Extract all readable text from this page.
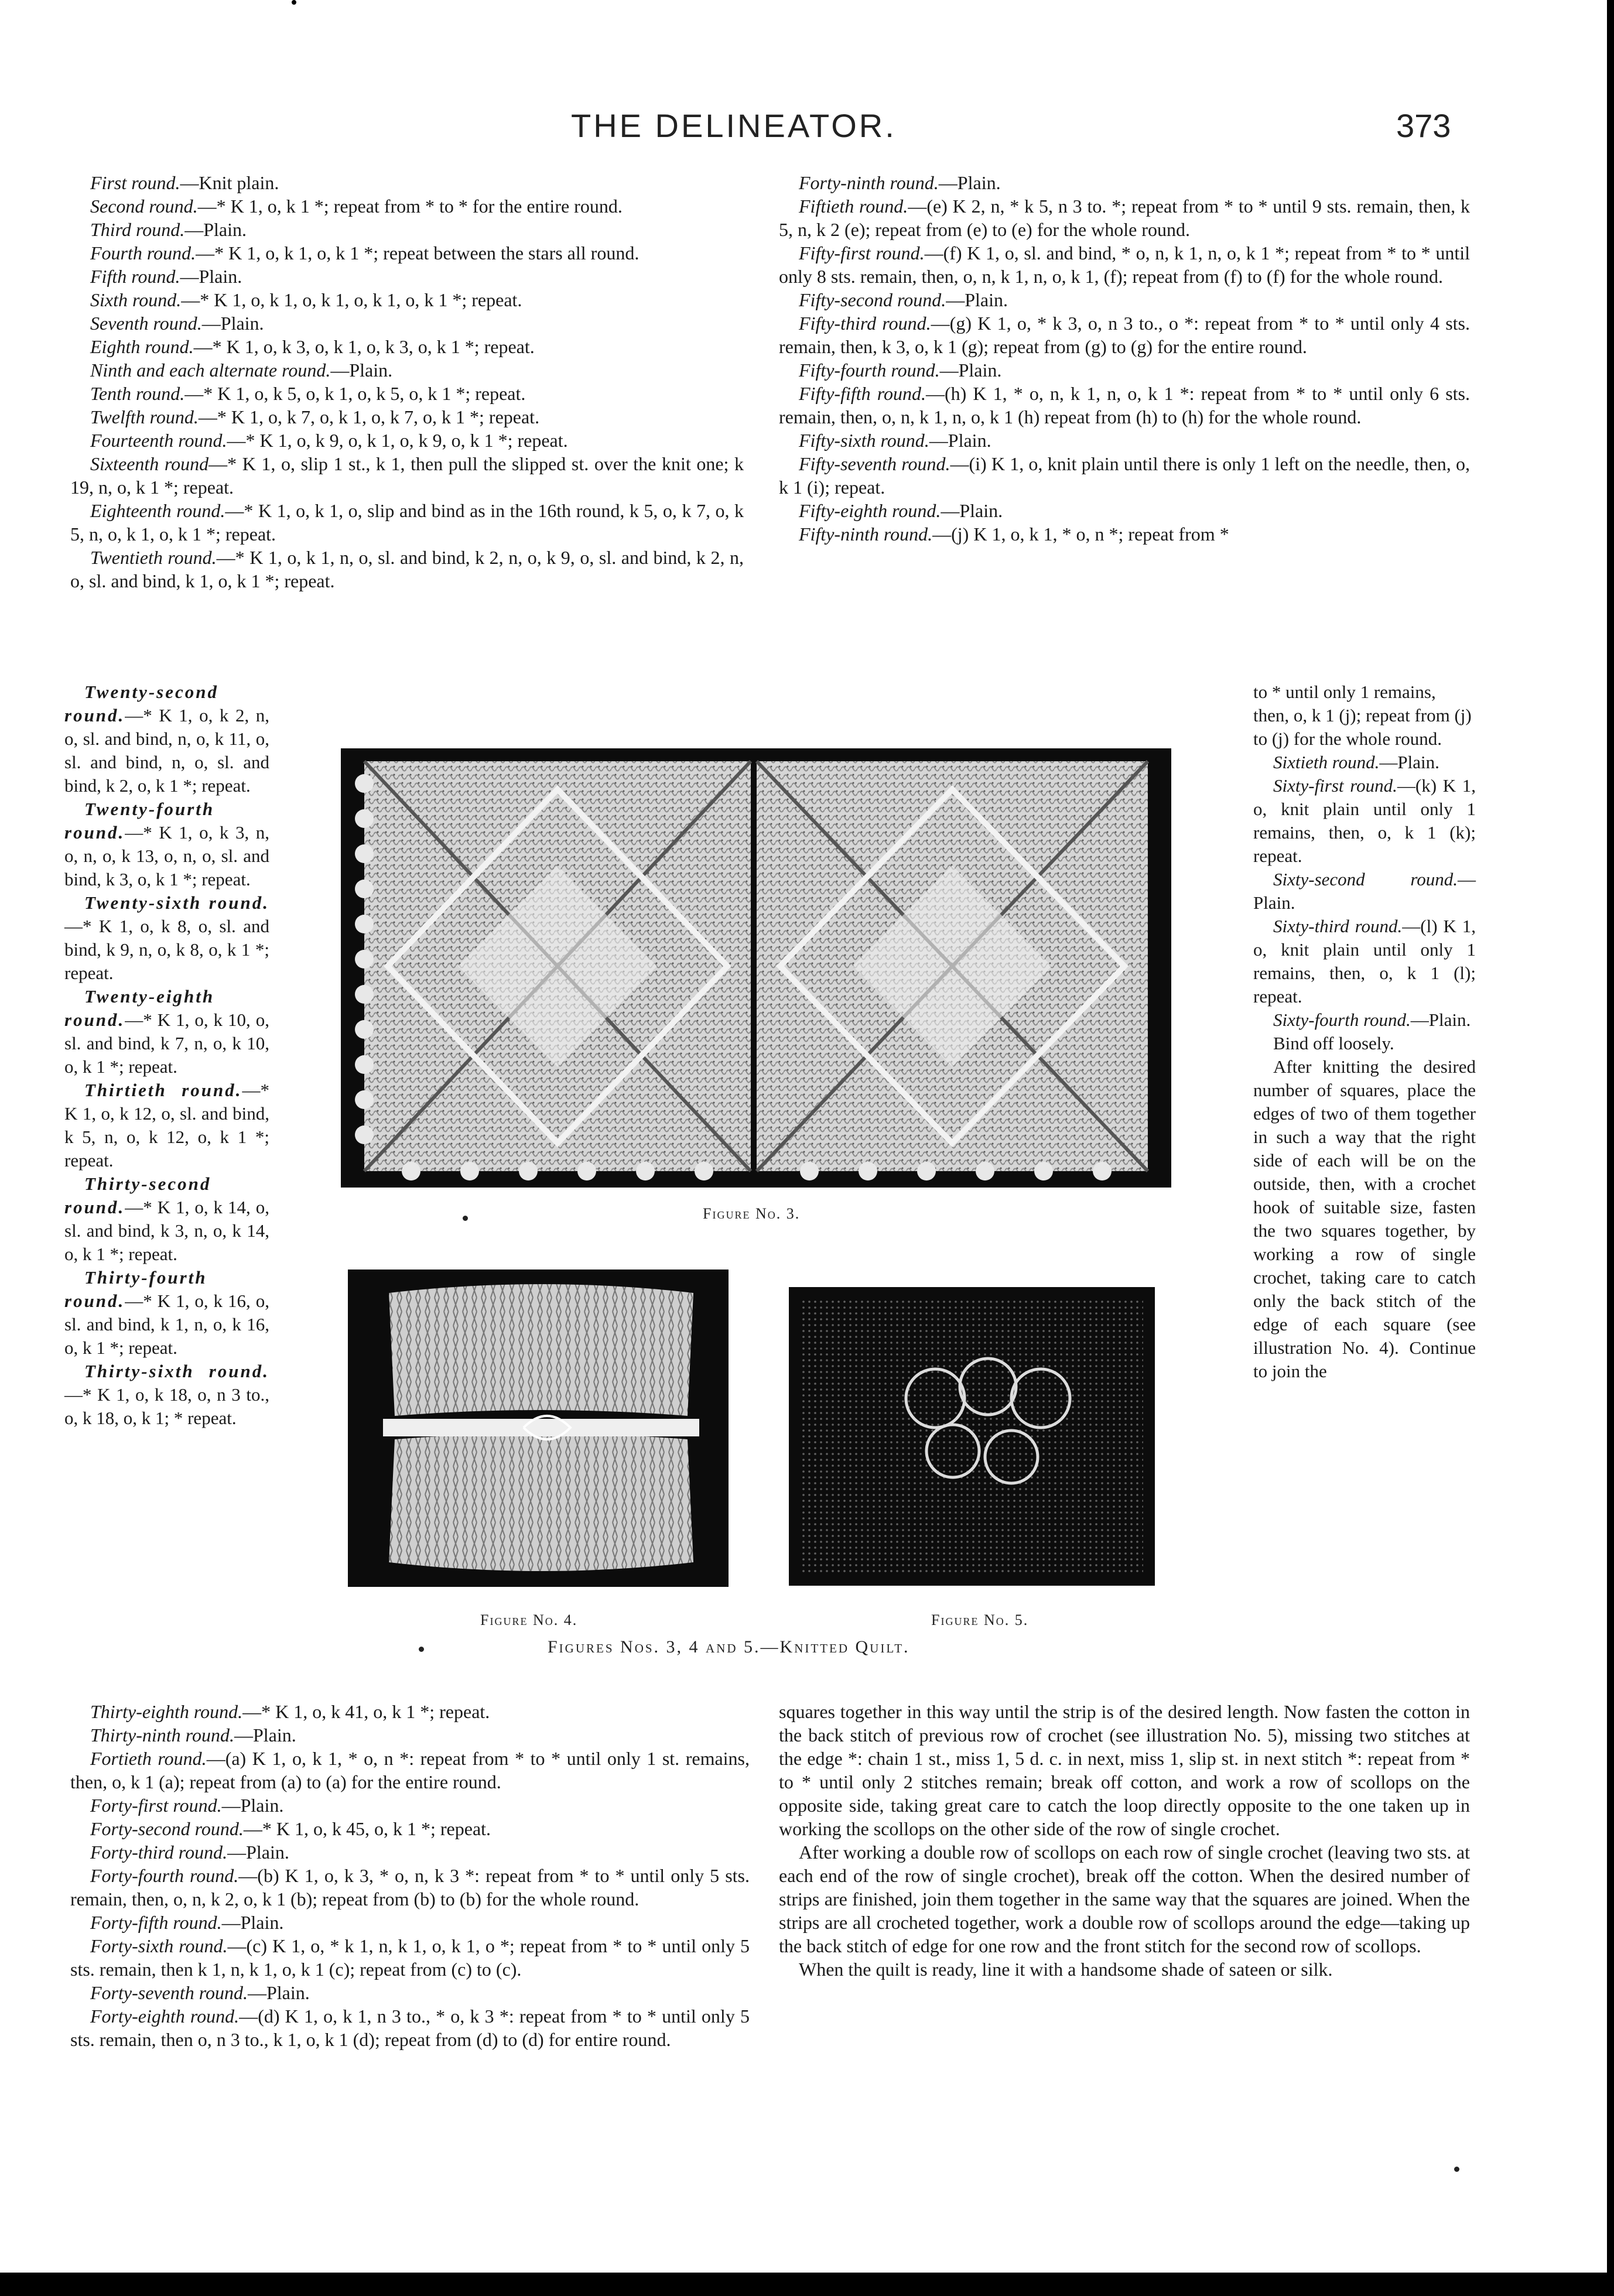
THE DELINEATOR.	373

First round.—Knit plain.

Second round.—* K 1, o, k 1 *; repeat from * to * for the entire round.

Third round.—Plain.

Fourth round.—* K 1, o, k 1, o, k 1 *; repeat between the stars all round.

Fifth round.—Plain.

Sixth round.—* K 1, o, k 1, o, k 1, o, k 1, o, k 1 *; repeat.

Seventh round.—Plain.

Eighth round.—* K 1, o, k 3, o, k 1, o, k 3, o, k 1 *; repeat.

Ninth and each alternate round.—Plain.

Tenth round.—* K 1, o, k 5, o, k 1, o, k 5, o, k 1 *; repeat.

Twelfth round.—* K 1, o, k 7, o, k 1, o, k 7, o, k 1 *; repeat.

Fourteenth round.—* K 1, o, k 9, o, k 1, o, k 9, o, k 1 *; repeat.

Sixteenth round—* K 1, o, slip 1 st., k 1, then pull the slipped st. over the knit one; k 19, n, o, k 1 *; repeat.

Eighteenth round.—* K 1, o, k 1, o, slip and bind as in the 16th round, k 5, o, k 7, o, k 5, n, o, k 1, o, k 1 *; repeat.

Twentieth round.—* K 1, o, k 1, n, o, sl. and bind, k 2, n, o, k 9, o, sl. and bind, k 2, n, o, sl. and bind, k 1, o, k 1 *; repeat.

Forty-ninth round.—Plain.

Fiftieth round.—(e) K 2, n, * k 5, n 3 to. *; repeat from * to * until 9 sts. remain, then, k 5, n, k 2 (e); repeat from (e) to (e) for the whole round.

Fifty-first round.—(f) K 1, o, sl. and bind, * o, n, k 1, n, o, k 1 *; repeat from * to * until only 8 sts. remain, then, o, n, k 1, n, o, k 1, (f); repeat from (f) to (f) for the whole round.

Fifty-second round.—Plain.

Fifty-third round.—(g) K 1, o, * k 3, o, n 3 to., o *: repeat from * to * until only 4 sts. remain, then, k 3, o, k 1 (g); repeat from (g) to (g) for the entire round.

Fifty-fourth round.—Plain.

Fifty-fifth round.—(h) K 1, * o, n, k 1, n, o, k 1 *: repeat from * to * until only 6 sts. remain, then, o, n, k 1, n, o, k 1 (h) repeat from (h) to (h) for the whole round.

Fifty-sixth round.—Plain.

Fifty-seventh round.—(i) K 1, o, knit plain until there is only 1 left on the needle, then, o, k 1 (i); repeat.

Fifty-eighth round.—Plain.

Fifty-ninth round.—(j) K 1, o, k 1, * o, n *; repeat from *

Twenty-second round.—* K 1, o, k 2, n, o, sl. and bind, n, o, k 11, o, sl. and bind, n, o, sl. and bind, k 2, o, k 1 *; repeat.

Twenty-fourth round.—* K 1, o, k 3, n, o, n, o, k 13, o, n, o, sl. and bind, k 3, o, k 1 *; repeat.

Twenty-sixth round.—* K 1, o, k 8, o, sl. and bind, k 9, n, o, k 8, o, k 1 *; repeat.

Twenty-eighth round.—* K 1, o, k 10, o, sl. and bind, k 7, n, o, k 10, o, k 1 *; repeat.

Thirtieth round.—* K 1, o, k 12, o, sl. and bind, k 5, n, o, k 12, o, k 1 *; repeat.

Thirty-second round.—* K 1, o, k 14, o, sl. and bind, k 3, n, o, k 14, o, k 1 *; repeat.

Thirty-fourth round.—* K 1, o, k 16, o, sl. and bind, k 1, n, o, k 16, o, k 1 *; repeat.

Thirty-sixth round.—* K 1, o, k 18, o, n 3 to., o, k 18, o, k 1; * repeat.

to * until only 1 remains, then, o, k 1 (j); repeat from (j) to (j) for the whole round.

Sixtieth round.—Plain.

Sixty-first round.—(k) K 1, o, knit plain until only 1 remains, then, o, k 1 (k); repeat.

Sixty-second round.—Plain.

Sixty-third round.—(l) K 1, o, knit plain until only 1 remains, then, o, k 1 (l); repeat.

Sixty-fourth round.—Plain.

Bind off loosely.

After knitting the desired number of squares, place the edges of two of them together in such a way that the right side of each will be on the outside, then, with a crochet hook of suitable size, fasten the two squares together, by working a row of single crochet, taking care to catch only the back stitch of the edge of each square (see illustration No. 4). Continue to join the

Thirty-eighth round.—* K 1, o, k 41, o, k 1 *; repeat.

Thirty-ninth round.—Plain.

Fortieth round.—(a) K 1, o, k 1, * o, n *: repeat from * to * until only 1 st. remains, then, o, k 1 (a); repeat from (a) to (a) for the entire round.

Forty-first round.—Plain.

Forty-second round.—* K 1, o, k 45, o, k 1 *; repeat.

Forty-third round.—Plain.

Forty-fourth round.—(b) K 1, o, k 3, * o, n, k 3 *: repeat from * to * until only 5 sts. remain, then, o, n, k 2, o, k 1 (b); repeat from (b) to (b) for the whole round.

Forty-fifth round.—Plain.

Forty-sixth round.—(c) K 1, o, * k 1, n, k 1, o, k 1, o *; repeat from * to * until only 5 sts. remain, then k 1, n, k 1, o, k 1 (c); repeat from (c) to (c).

Forty-seventh round.—Plain.

Forty-eighth round.—(d) K 1, o, k 1, n 3 to., * o, k 3 *: repeat from * to * until only 5 sts. remain, then o, n 3 to., k 1, o, k 1 (d); repeat from (d) to (d) for entire round.

squares together in this way until the strip is of the desired length. Now fasten the cotton in the back stitch of previous row of crochet (see illustration No. 5), missing two stitches at the edge *: chain 1 st., miss 1, 5 d. c. in next, miss 1, slip st. in next stitch *: repeat from * to * until only 2 stitches remain; break off cotton, and work a row of scollops on the opposite side, taking great care to catch the loop directly opposite to the one taken up in working the scollops on the other side of the row of single crochet.

After working a double row of scollops on each row of single crochet (leaving two sts. at each end of the row of single crochet), break off the cotton. When the desired number of strips are finished, join them together in the same way that the squares are joined. When the strips are all crocheted together, work a double row of scollops around the edge—taking up the back stitch of edge for one row and the front stitch for the second row of scollops.

When the quilt is ready, line it with a handsome shade of sateen or silk.

Figure No. 3.
Figure No. 4.	Figure No. 5.
Figures Nos. 3, 4 and 5.—Knitted Quilt.
